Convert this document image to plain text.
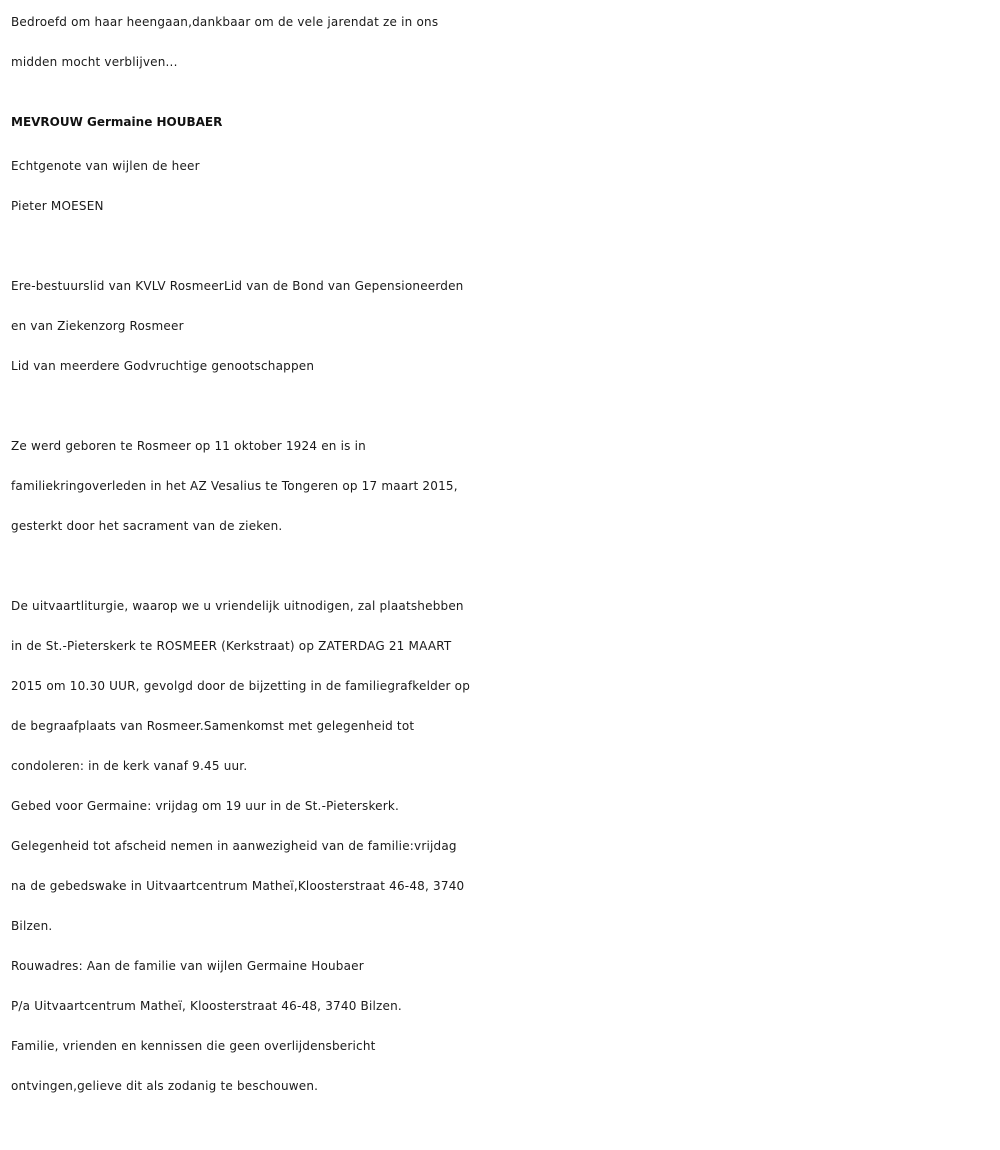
Bedroefd om haar heengaan,dankbaar om de vele jarendat ze in ons
midden mocht verblijven...
MEVROUW Germaine HOUBAER
Echtgenote van wijlen de heer
Pieter MOESEN
Ere-bestuurslid van KVLV RosmeerLid van de Bond van Gepensioneerden
en van Ziekenzorg Rosmeer
Lid van meerdere Godvruchtige genootschappen
Ze werd geboren te Rosmeer op 11 oktober 1924 en is in
familiekringoverleden in het AZ Vesalius te Tongeren op 17 maart 2015,
gesterkt door het sacrament van de zieken.
De uitvaartliturgie, waarop we u vriendelijk uitnodigen, zal plaatshebben
in de St.-Pieterskerk te ROSMEER (Kerkstraat) op ZATERDAG 21 MAART
2015 om 10.30 UUR, gevolgd door de bijzetting in de familiegrafkelder op
de begraafplaats van Rosmeer.Samenkomst met gelegenheid tot
condoleren: in de kerk vanaf 9.45 uur.
Gebed voor Germaine: vrijdag om 19 uur in de St.-Pieterskerk.
Gelegenheid tot afscheid nemen in aanwezigheid van de familie:vrijdag
na de gebedswake in Uitvaartcentrum Matheï,Kloosterstraat 46-48, 3740
Bilzen.
Rouwadres: Aan de familie van wijlen Germaine Houbaer
P/a Uitvaartcentrum Matheï, Kloosterstraat 46-48, 3740 Bilzen.
Familie, vrienden en kennissen die geen overlijdensbericht
ontvingen,gelieve dit als zodanig te beschouwen.
